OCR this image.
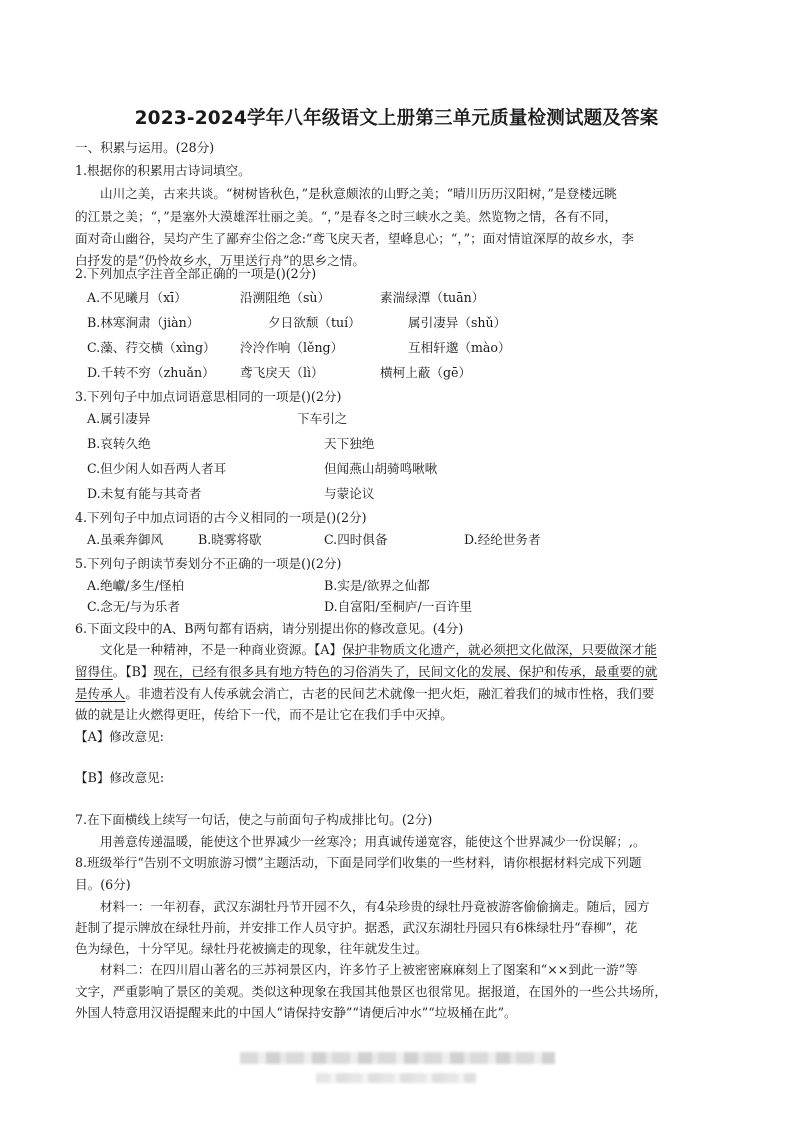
2023-2024学年八年级语文上册第三单元质量检测试题及答案
一、积累与运用。(28分)
1.根据你的积累用古诗词填空。
山川之美，古来共谈。“树树皆秋色，”是秋意颇浓的山野之美；“晴川历历汉阳树，”是登楼远眺
的江景之美；“，”是塞外大漠雄浑壮丽之美。“，”是春冬之时三峡水之美。然览物之情，各有不同，
面对奇山幽谷，吴均产生了鄙弃尘俗之念:“鸢飞戾天者，望峰息心；“，”；面对情谊深厚的故乡水，李
白抒发的是“仍怜故乡水，万里送行舟”的思乡之情。
2.下列加点字注音全部正确的一项是()(2分)
A.不见曦月（xī）	沿溯阻绝（sù）	素湍绿潭（tuān）
B.林寒涧肃（jiàn）	夕日欲颓（tuí）	属引凄异（shǔ）
C.藻、荇交横（xìng） 泠泠作响（lěng）	互相轩邈（mào）
D.千转不穷（zhuǎn） 鸢飞戾天（lì）	横柯上蔽（gē）
3.下列句子中加点词语意思相同的一项是()(2分)
A.属引凄异	下车引之
B.哀转久绝	天下独绝
C.但少闲人如吾两人者耳	但闻燕山胡骑鸣啾啾
D.未复有能与其奇者	与蒙论议
4.下列句子中加点词语的古今义相同的一项是()(2分)
A.虽乘奔御风	B.晓雾将歇	C.四时俱备	D.经纶世务者
5.下列句子朗读节奏划分不正确的一项是()(2分)
A.绝巘/多生/怪柏	B.实是/欲界之仙都
C.念无/与为乐者	D.自富阳/至桐庐/一百许里
6.下面文段中的A、B两句都有语病，请分别提出你的修改意见。(4分)
文化是一种精神，不是一种商业资源。【A】保护非物质文化遗产，就必须把文化做深，只要做深才能
留得住。【B】现在，已经有很多具有地方特色的习俗消失了，民间文化的发展、保护和传承，最重要的就
是传承人。非遗若没有人传承就会消亡，古老的民间艺术就像一把火炬，融汇着我们的城市性格，我们要
做的就是让火燃得更旺，传给下一代，而不是让它在我们手中灭掉。
【A】修改意见:
【B】修改意见:
7.在下面横线上续写一句话，使之与前面句子构成排比句。(2分)
用善意传递温暖，能使这个世界减少一丝寒冷；用真诚传递宽容，能使这个世界减少一份误解；,。
8.班级举行“告别不文明旅游习惯”主题活动，下面是同学们收集的一些材料，请你根据材料完成下列题
目。(6分)
材料一：一年初春，武汉东湖牡丹节开园不久，有4朵珍贵的绿牡丹竟被游客偷偷摘走。随后，园方
赶制了提示牌放在绿牡丹前，并安排工作人员守护。据悉，武汉东湖牡丹园只有6株绿牡丹“春柳”，花
色为绿色，十分罕见。绿牡丹花被摘走的现象，往年就发生过。
材料二：在四川眉山著名的三苏祠景区内，许多竹子上被密密麻麻刻上了图案和“××到此一游”等
文字，严重影响了景区的美观。类似这种现象在我国其他景区也很常见。据报道，在国外的一些公共场所，
外国人特意用汉语提醒来此的中国人“请保持安静”“请便后冲水”“垃圾桶在此”。
